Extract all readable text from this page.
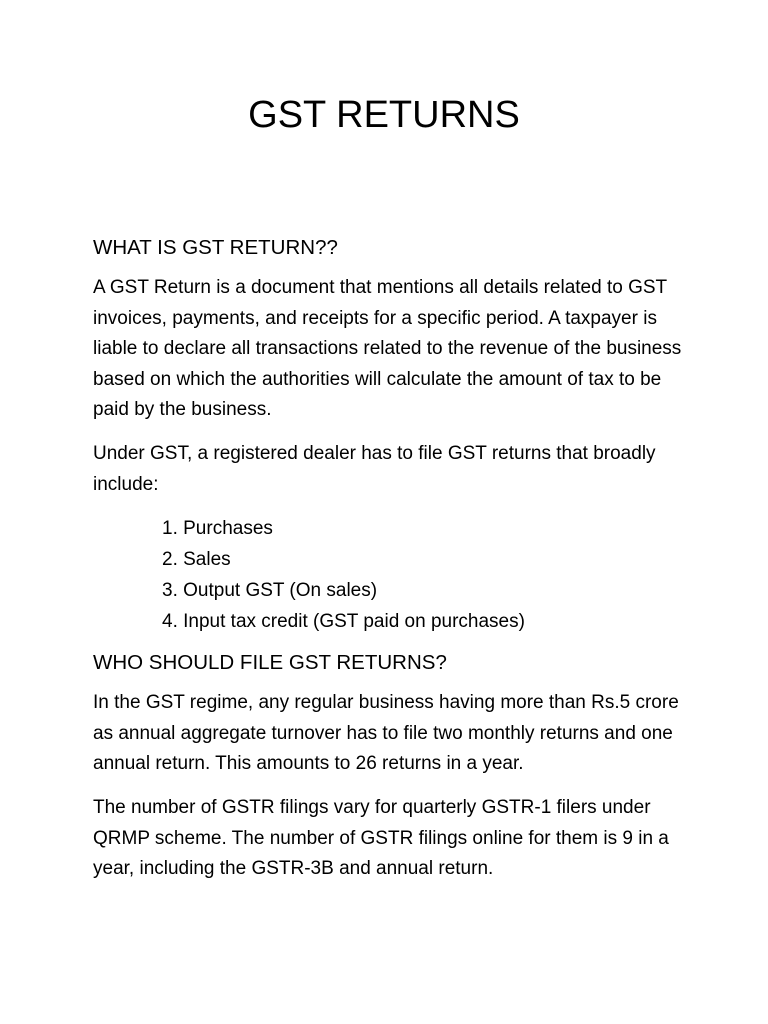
GST RETURNS
WHAT IS GST RETURN??

A GST Return is a document that mentions all details related to GST invoices, payments, and receipts for a specific period. A taxpayer is liable to declare all transactions related to the revenue of the business based on which the authorities will calculate the amount of tax to be paid by the business.

Under GST, a registered dealer has to file GST returns that broadly include:

1. Purchases
2. Sales
3. Output GST (On sales)
4. Input tax credit (GST paid on purchases)
WHO SHOULD FILE GST RETURNS?

In the GST regime, any regular business having more than Rs.5 crore as annual aggregate turnover has to file two monthly returns and one annual return. This amounts to 26 returns in a year.

The number of GSTR filings vary for quarterly GSTR-1 filers under QRMP scheme. The number of GSTR filings online for them is 9 in a year, including the GSTR-3B and annual return.
